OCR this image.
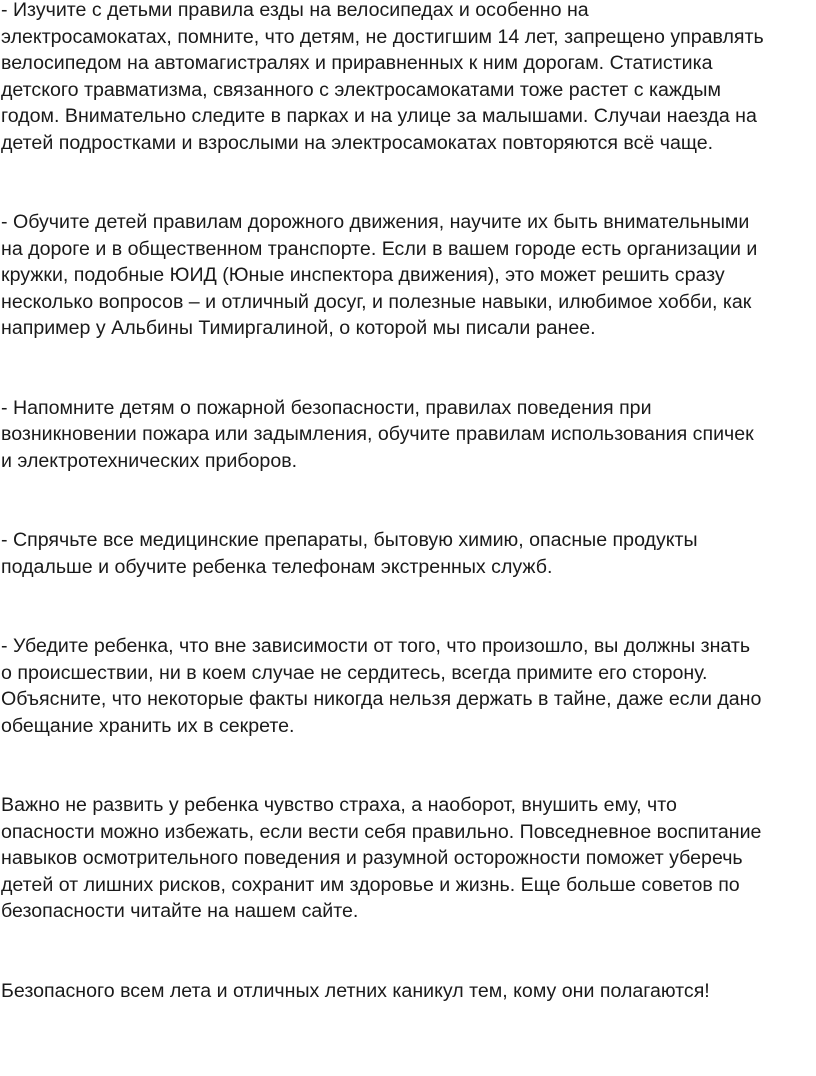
- Изучите с детьми правила езды на велосипедах и особенно на
электросамокатах, помните, что детям, не достигшим 14 лет, запрещено управлять
велосипедом на автомагистралях и приравненных к ним дорогам. Статистика
детского травматизма, связанного с электросамокатами тоже растет с каждым
годом. Внимательно следите в парках и на улице за малышами. Случаи наезда на
детей подростками и взрослыми на электросамокатах повторяются всё чаще.

- Обучите детей правилам дорожного движения, научите их быть внимательными
на дороге и в общественном транспорте. Если в вашем городе есть организации и
кружки, подобные ЮИД (Юные инспектора движения), это может решить сразу
несколько вопросов – и отличный досуг, и полезные навыки, илюбимое хобби, как
например у Альбины Тимиргалиной, о которой мы писали ранее.

- Напомните детям о пожарной безопасности, правилах поведения при
возникновении пожара или задымления, обучите правилам использования спичек
и электротехнических приборов.

- Спрячьте все медицинские препараты, бытовую химию, опасные продукты
подальше и обучите ребенка телефонам экстренных служб.

- Убедите ребенка, что вне зависимости от того, что произошло, вы должны знать
о происшествии, ни в коем случае не сердитесь, всегда примите его сторону.
Объясните, что некоторые факты никогда нельзя держать в тайне, даже если дано
обещание хранить их в секрете.

Важно не развить у ребенка чувство страха, а наоборот, внушить ему, что
опасности можно избежать, если вести себя правильно. Повседневное воспитание
навыков осмотрительного поведения и разумной осторожности поможет уберечь
детей от лишних рисков, сохранит им здоровье и жизнь. Еще больше советов по
безопасности читайте на нашем сайте.

Безопасного всем лета и отличных летних каникул тем, кому они полагаются!
